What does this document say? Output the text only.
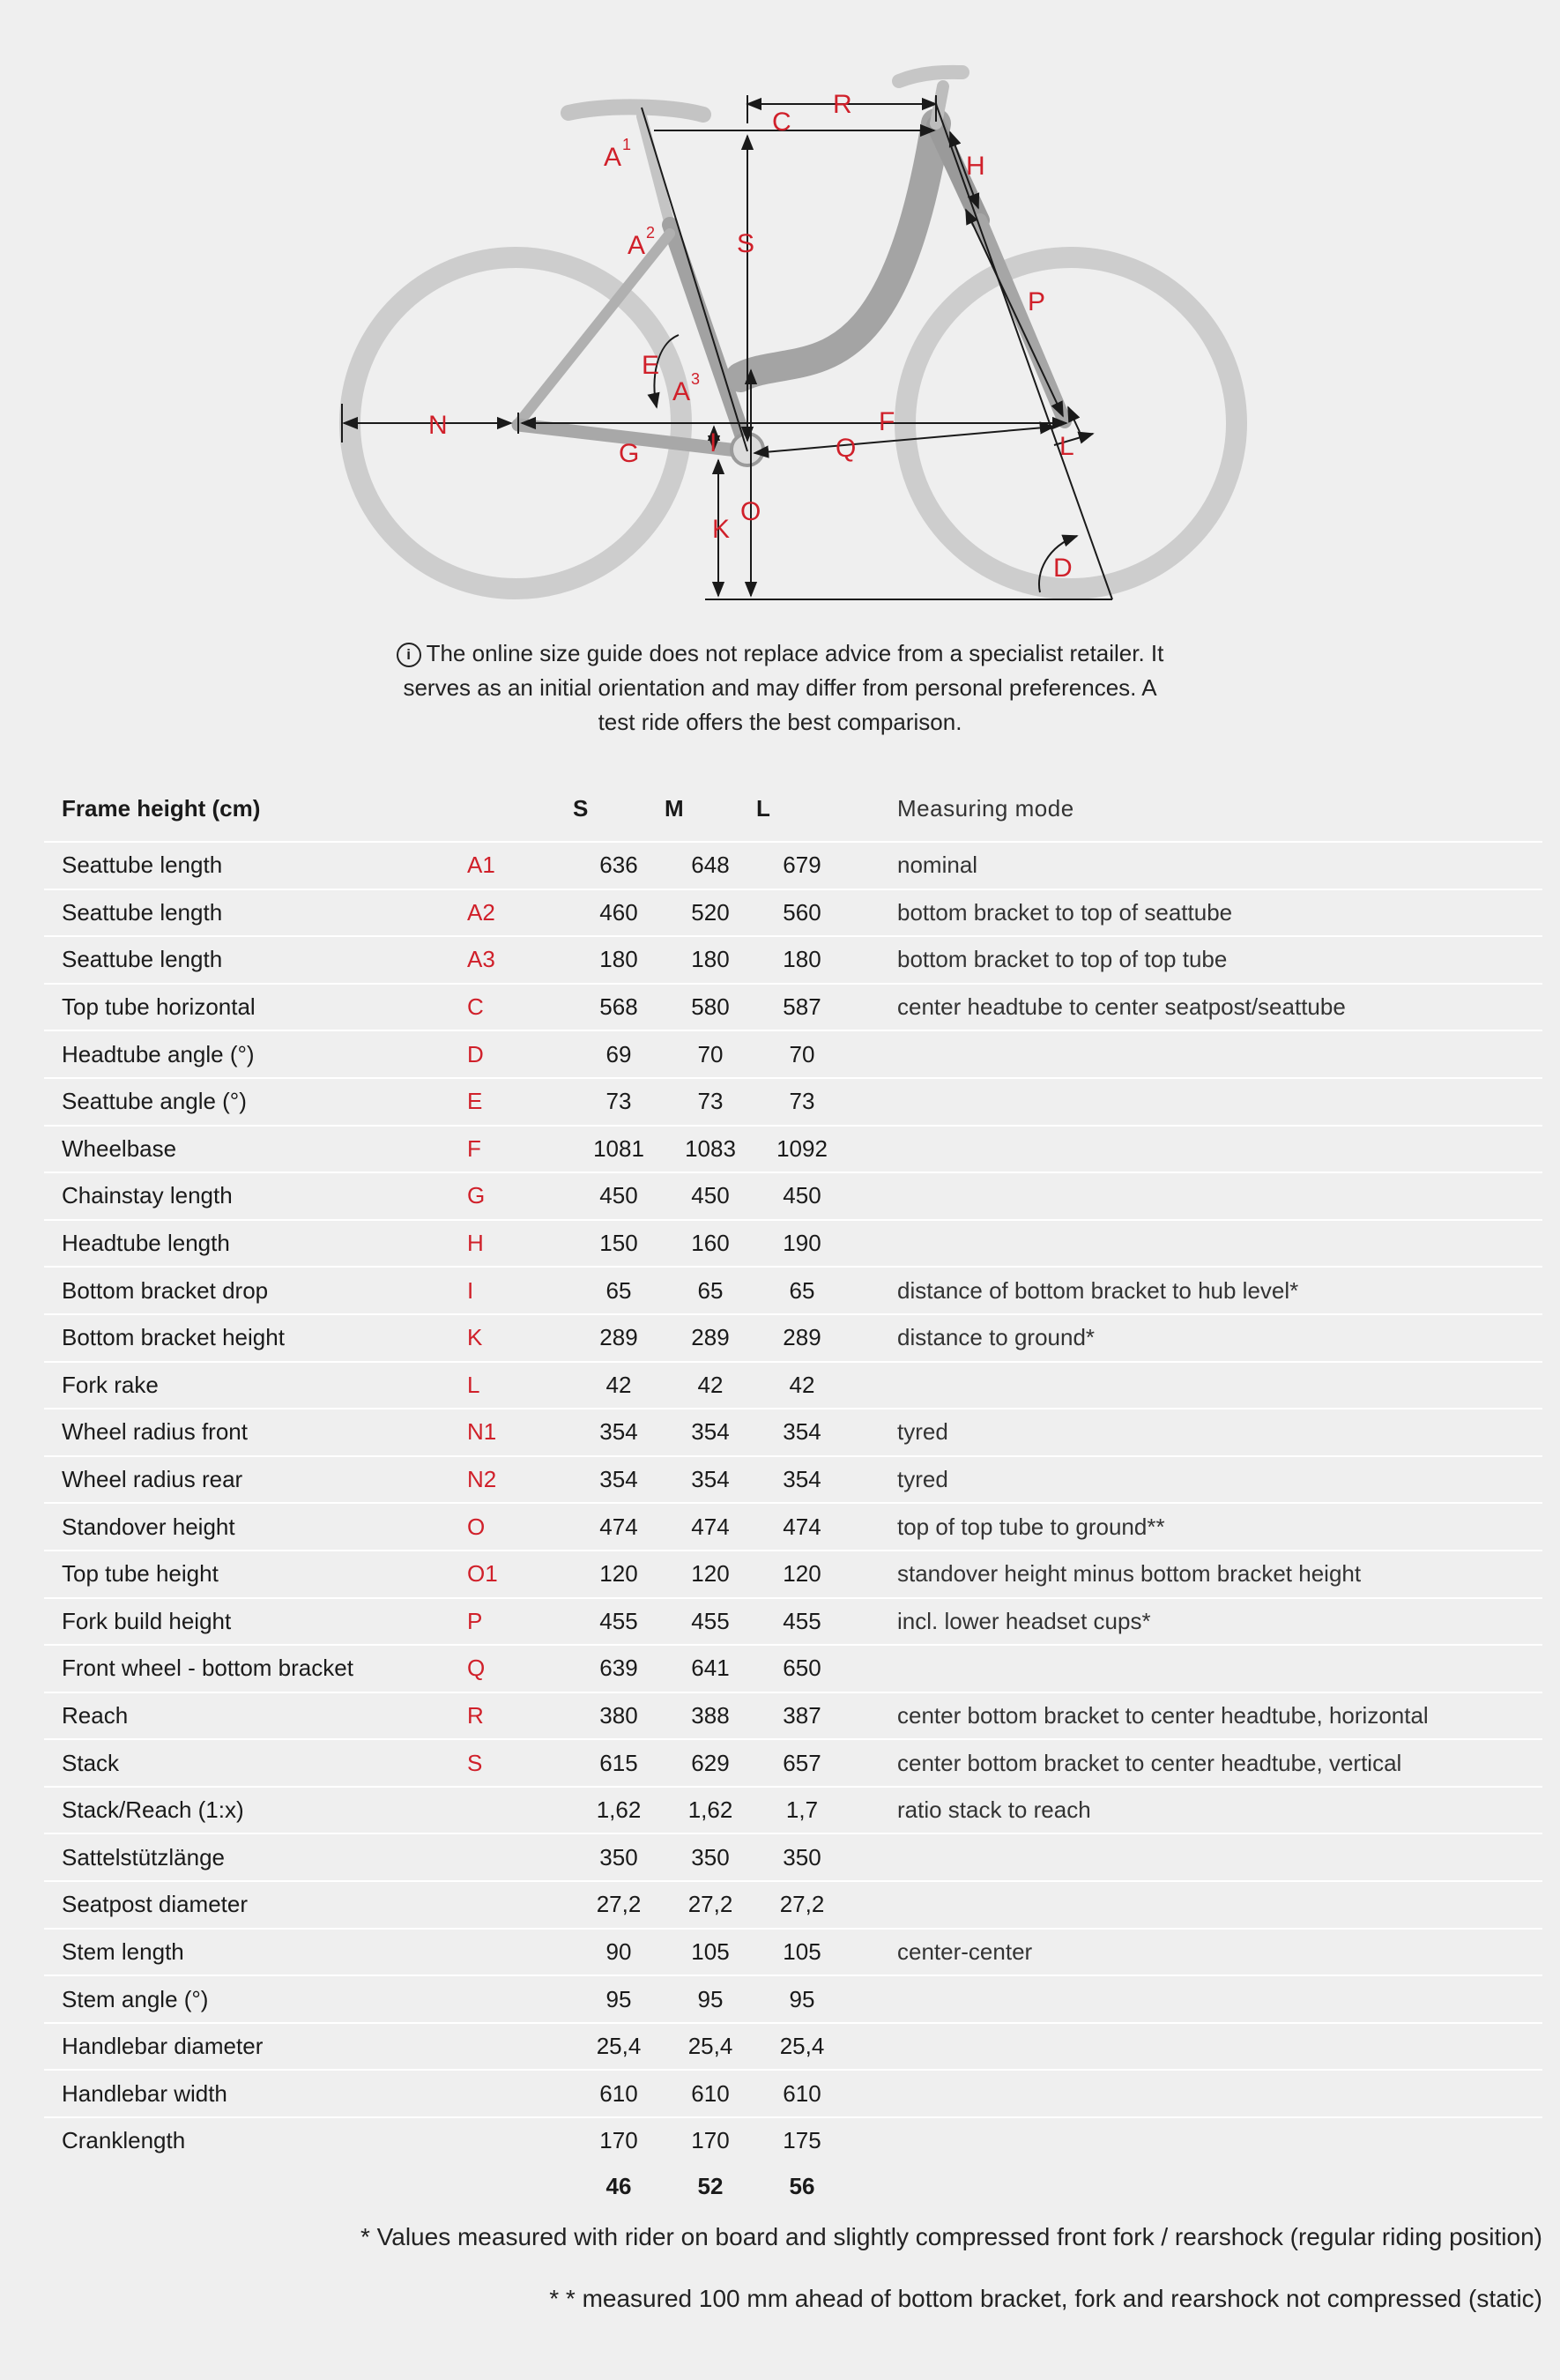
R
C
A 1
H
A 2	S
P
E
A 3
N	F
G	I	Q	L
O
K
D
i The online size guide does not replace advice from a specialist retailer. It serves as an initial orientation and may differ from personal preferences. A test ride offers the best comparison.
Frame height (cm)		S	M	L	Measuring mode
Seattube length	A1	636	648	679	nominal
Seattube length	A2	460	520	560	bottom bracket to top of seattube
Seattube length	A3	180	180	180	bottom bracket to top of top tube
Top tube horizontal	C	568	580	587	center headtube to center seatpost/seattube
Headtube angle (°)	D	69	70	70	
Seattube angle (°)	E	73	73	73	
Wheelbase	F	1081	1083	1092	
Chainstay length	G	450	450	450	
Headtube length	H	150	160	190	
Bottom bracket drop	I	65	65	65	distance of bottom bracket to hub level*
Bottom bracket height	K	289	289	289	distance to ground*
Fork rake	L	42	42	42	
Wheel radius front	N1	354	354	354	tyred
Wheel radius rear	N2	354	354	354	tyred
Standover height	O	474	474	474	top of top tube to ground**
Top tube height	O1	120	120	120	standover height minus bottom bracket height
Fork build height	P	455	455	455	incl. lower headset cups*
Front wheel - bottom bracket	Q	639	641	650	
Reach	R	380	388	387	center bottom bracket to center headtube, horizontal
Stack	S	615	629	657	center bottom bracket to center headtube, vertical
Stack/Reach (1:x)		1,62	1,62	1,7	ratio stack to reach
Sattelstützlänge		350	350	350	
Seatpost diameter		27,2	27,2	27,2	
Stem length		90	105	105	center-center
Stem angle (°)		95	95	95	
Handlebar diameter		25,4	25,4	25,4	
Handlebar width		610	610	610	
Cranklength		170	170	175	
		46	52	56	
* Values measured with rider on board and slightly compressed front fork / rearshock (regular riding position)
* * measured 100 mm ahead of bottom bracket, fork and rearshock not compressed (static)
